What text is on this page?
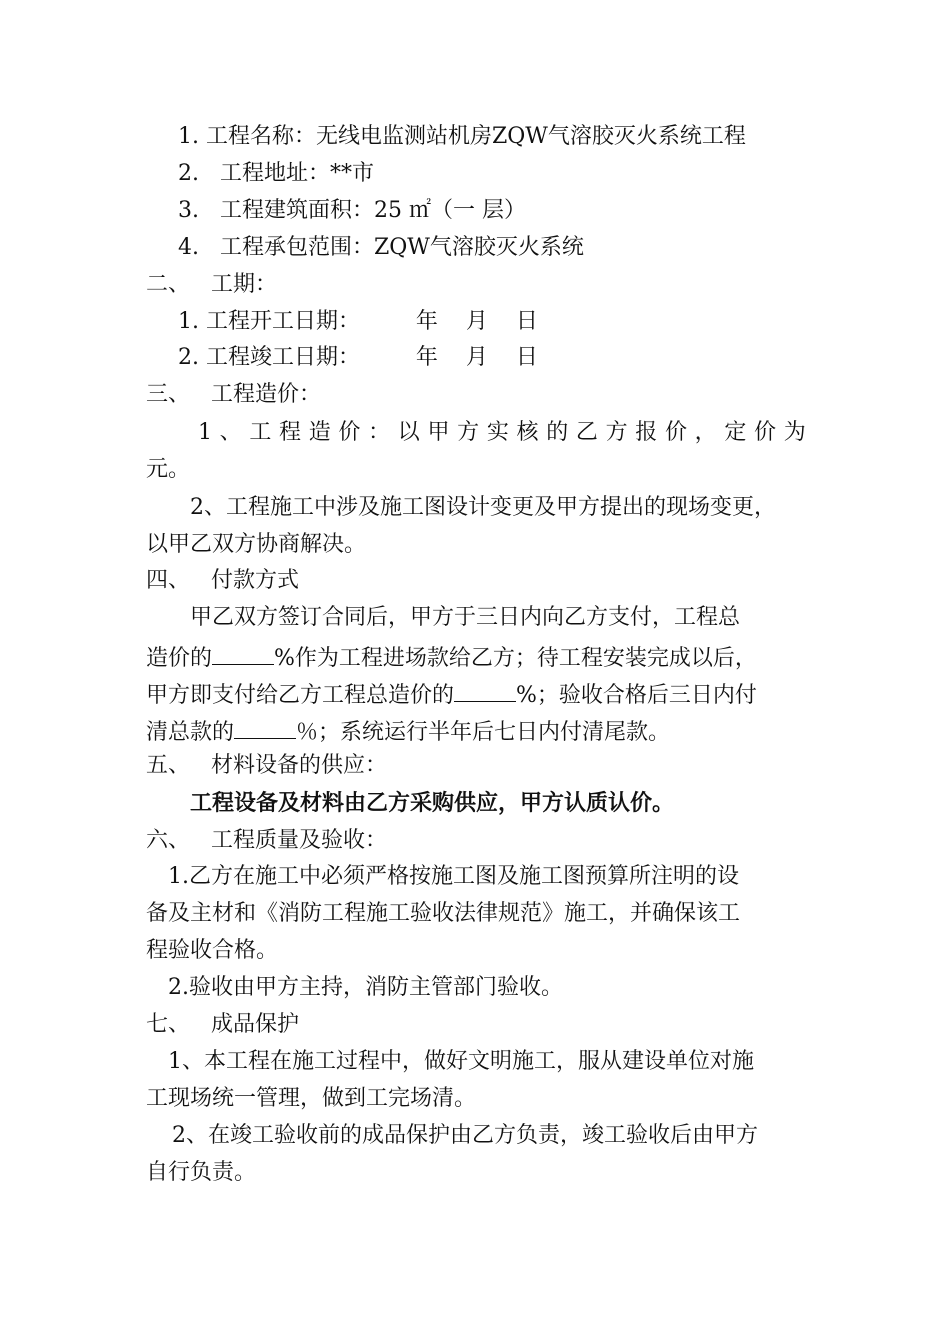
1. 工程名称：无线电监测站机房ZQW气溶胶灭火系统工程
2.   工程地址：**市
3.   工程建筑面积：25 ㎡（一 层）
4.   工程承包范围：ZQW气溶胶灭火系统
二、   工期：
1. 工程开工日期：        年    月    日
2. 工程竣工日期：        年    月    日
三、   工程造价：
1 、 工 程 造 价 ： 以 甲 方 实 核 的 乙 方 报 价 ， 定 价 为
元。
2、工程施工中涉及施工图设计变更及甲方提出的现场变更，
以甲乙双方协商解决。
四、   付款方式
甲乙双方签订合同后，甲方于三日内向乙方支付，工程总
造价的	%作为工程进场款给乙方；待工程安装完成以后，
甲方即支付给乙方工程总造价的	%；验收合格后三日内付
清总款的	％；系统运行半年后七日内付清尾款。
五、   材料设备的供应：
工程设备及材料由乙方采购供应，甲方认质认价。
六、   工程质量及验收：
1.乙方在施工中必须严格按施工图及施工图预算所注明的设
备及主材和《消防工程施工验收法律规范》施工，并确保该工
程验收合格。
2.验收由甲方主持，消防主管部门验收。
七、   成品保护
1、本工程在施工过程中，做好文明施工，服从建设单位对施
工现场统一管理，做到工完场清。
2、在竣工验收前的成品保护由乙方负责，竣工验收后由甲方
自行负责。
